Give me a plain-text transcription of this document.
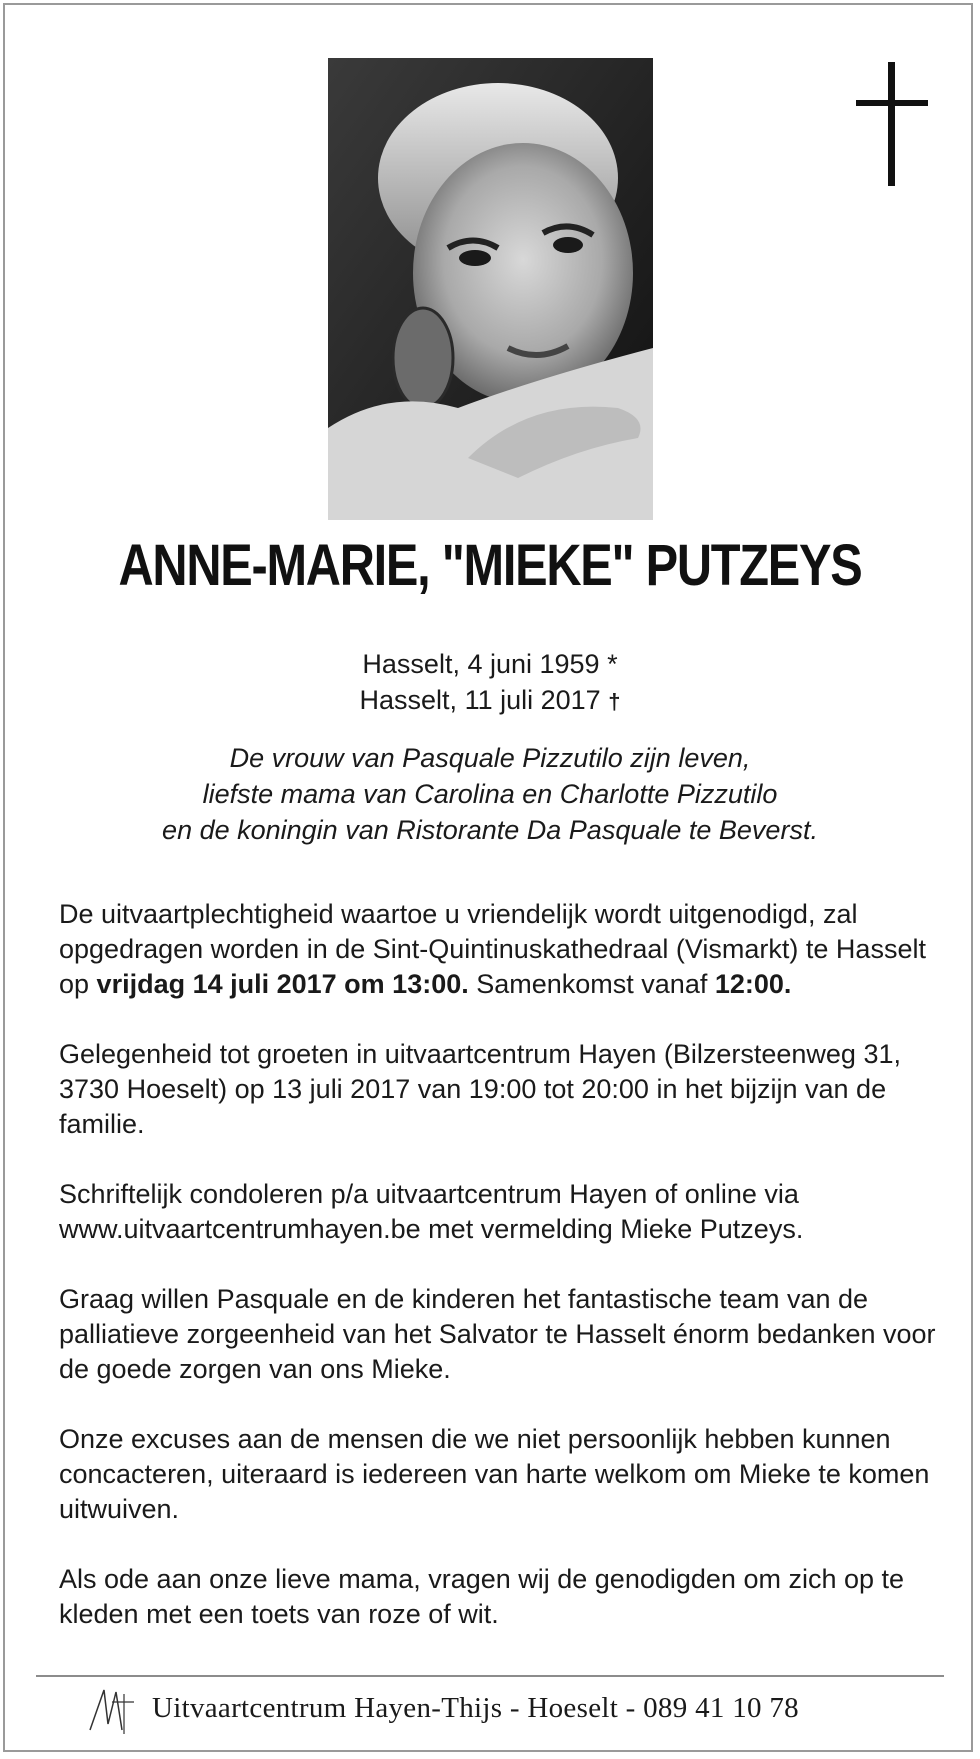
ANNE-MARIE, "MIEKE" PUTZEYS
Hasselt, 4 juni 1959 *
Hasselt, 11 juli 2017 †
De vrouw van Pasquale Pizzutilo zijn leven,
liefste mama van Carolina en Charlotte Pizzutilo
en de koningin van Ristorante Da Pasquale te Beverst.

De uitvaartplechtigheid waartoe u vriendelijk wordt uitgenodigd, zal opgedragen worden in de Sint-Quintinuskathedraal (Vismarkt) te Hasselt op vrijdag 14 juli 2017 om 13:00. Samenkomst vanaf 12:00.

Gelegenheid tot groeten in uitvaartcentrum Hayen (Bilzersteenweg 31, 3730 Hoeselt) op 13 juli 2017 van 19:00 tot 20:00 in het bijzijn van de familie.

Schriftelijk condoleren p/a uitvaartcentrum Hayen of online via www.uitvaartcentrumhayen.be met vermelding Mieke Putzeys.

Graag willen Pasquale en de kinderen het fantastische team van de palliatieve zorgeenheid van het Salvator te Hasselt énorm bedanken voor de goede zorgen van ons Mieke.

Onze excuses aan de mensen die we niet persoonlijk hebben kunnen concacteren, uiteraard is iedereen van harte welkom om Mieke te komen uitwuiven.

Als ode aan onze lieve mama, vragen wij de genodigden om zich op te kleden met een toets van roze of wit.

Uitvaartcentrum Hayen-Thijs - Hoeselt - 089 41 10 78
